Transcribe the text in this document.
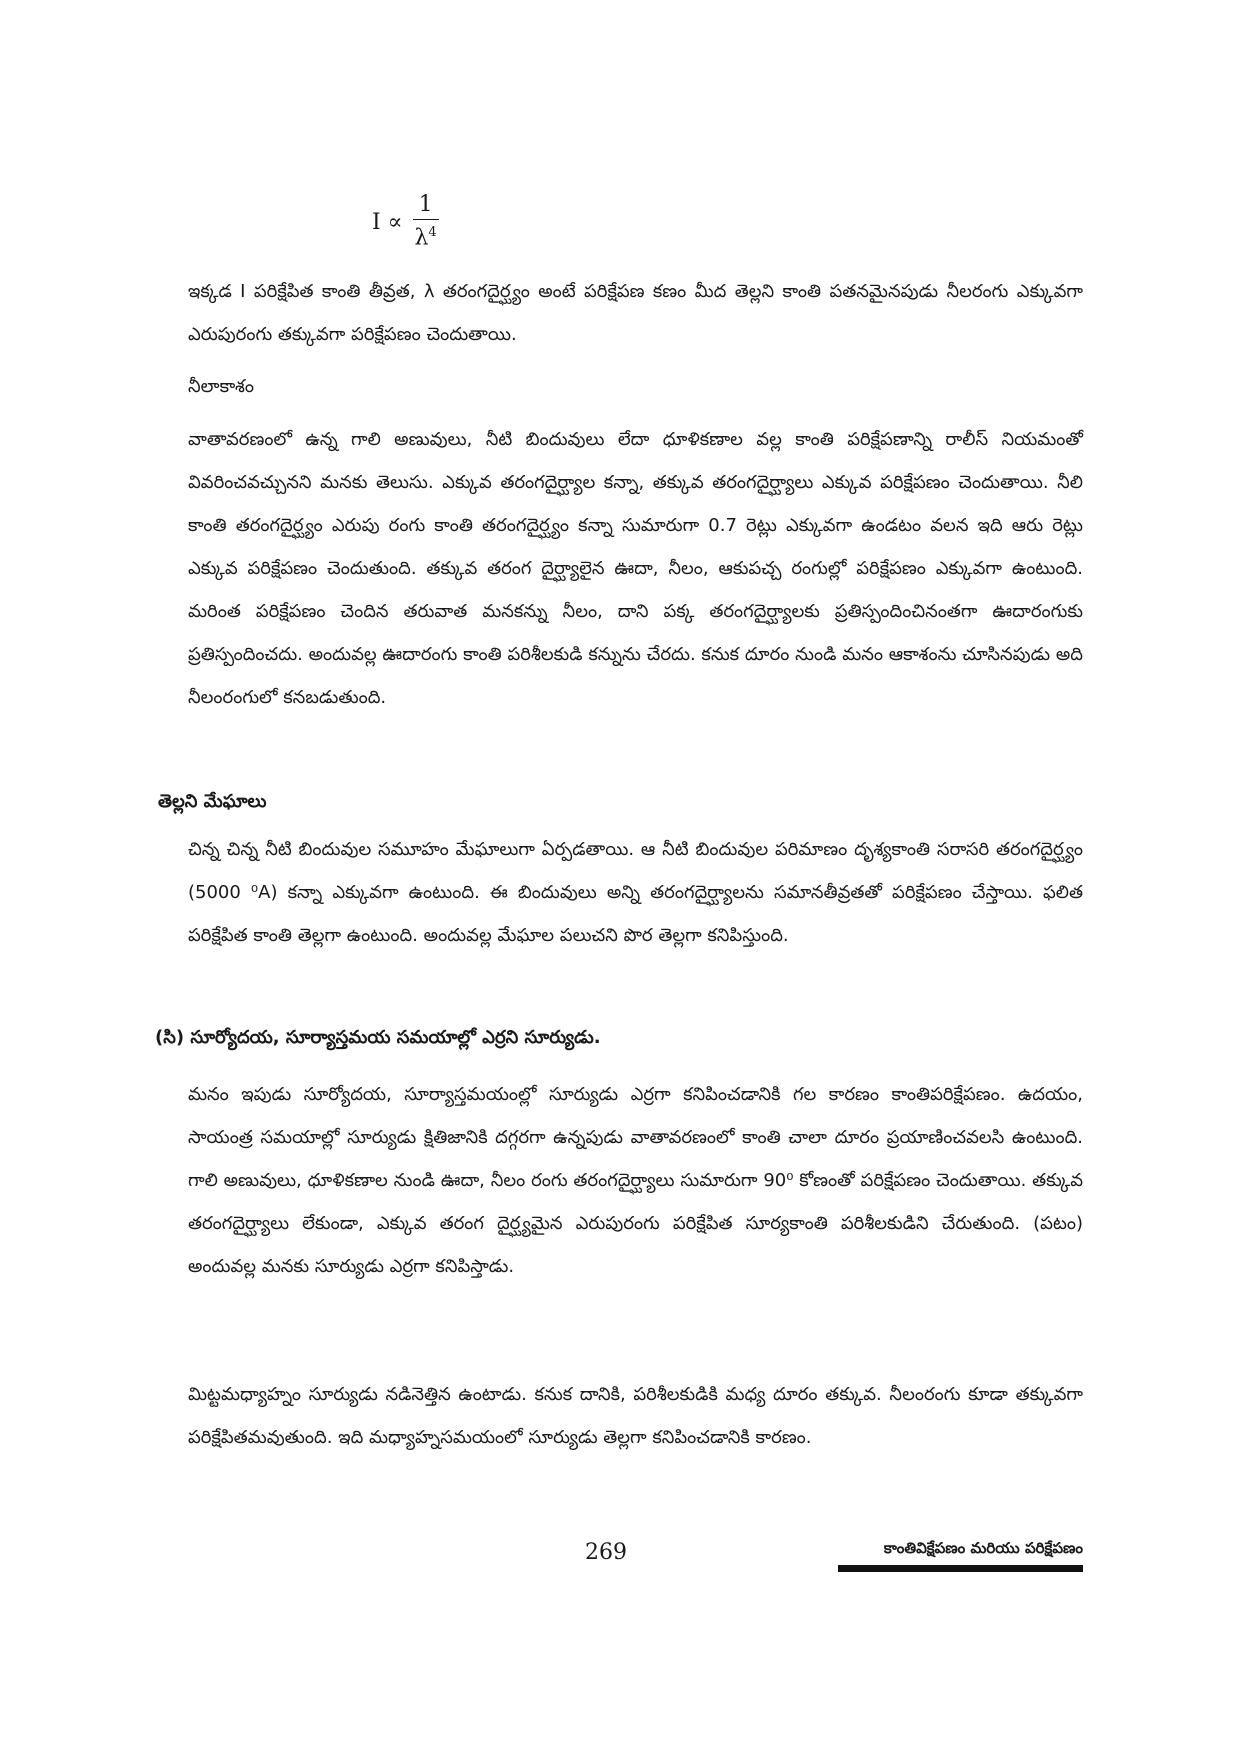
$I \propto \frac{1}{\lambda^4}$

ఇక్కడ I పరిక్షేపిత కాంతి తీవ్రత, λ తరంగదైర్ఘ్యం అంటే పరిక్షేపణ కణం మీద తెల్లని కాంతి పతనమైనపుడు నీలరంగు ఎక్కువగా ఎరుపురంగు తక్కువగా పరిక్షేపణం చెందుతాయి.

నీలాకాశం

వాతావరణంలో ఉన్న గాలి అణువులు, నీటి బిందువులు లేదా ధూళికణాల వల్ల కాంతి పరిక్షేపణాన్ని రాలీస్ నియమంతో వివరించవచ్చునని మనకు తెలుసు. ఎక్కువ తరంగదైర్ఘ్యాల కన్నా, తక్కువ తరంగదైర్ఘ్యాలు ఎక్కువ పరిక్షేపణం చెందుతాయి. నీలి కాంతి తరంగదైర్ఘ్యం ఎరుపు రంగు కాంతి తరంగదైర్ఘ్యం కన్నా సుమారుగా 0.7 రెట్లు ఎక్కువగా ఉండటం వలన ఇది ఆరు రెట్లు ఎక్కువ పరిక్షేపణం చెందుతుంది. తక్కువ తరంగ దైర్ఘ్యాలైన ఊదా, నీలం, ఆకుపచ్చ రంగుల్లో పరిక్షేపణం ఎక్కువగా ఉంటుంది. మరింత పరిక్షేపణం చెందిన తరువాత మనకన్ను నీలం, దాని పక్క తరంగదైర్ఘ్యాలకు ప్రతిస్పందించినంతగా ఊదారంగుకు ప్రతిస్పందించదు. అందువల్ల ఊదారంగు కాంతి పరిశీలకుడి కన్నును చేరదు. కనుక దూరం నుండి మనం ఆకాశంను చూసినపుడు అది నీలంరంగులో కనబడుతుంది.

తెల్లని మేఘాలు

చిన్న చిన్న నీటి బిందువుల సమూహం మేఘాలుగా ఏర్పడతాయి. ఆ నీటి బిందువుల పరిమాణం దృశ్యకాంతి సరాసరి తరంగదైర్ఘ్యం (5000 ⁰A) కన్నా ఎక్కువగా ఉంటుంది. ఈ బిందువులు అన్ని తరంగదైర్ఘ్యాలను సమానతీవ్రతతో పరిక్షేపణం చేస్తాయి. ఫలిత పరిక్షేపిత కాంతి తెల్లగా ఉంటుంది. అందువల్ల మేఘాల పలుచని పొర తెల్లగా కనిపిస్తుంది.

(సి) సూర్యోదయ, సూర్యాస్తమయ సమయాల్లో ఎర్రని సూర్యుడు.

మనం ఇపుడు సూర్యోదయ, సూర్యాస్తమయంల్లో సూర్యుడు ఎర్రగా కనిపించడానికి గల కారణం కాంతిపరిక్షేపణం. ఉదయం, సాయంత్ర సమయాల్లో సూర్యుడు క్షితిజానికి దగ్గరగా ఉన్నపుడు వాతావరణంలో కాంతి చాలా దూరం ప్రయాణించవలసి ఉంటుంది. గాలి అణువులు, ధూళికణాల నుండి ఊదా, నీలం రంగు తరంగదైర్ఘ్యాలు సుమారుగా 90⁰ కోణంతో పరిక్షేపణం చెందుతాయి. తక్కువ తరంగదైర్ఘ్యాలు లేకుండా, ఎక్కువ తరంగ దైర్ఘ్యమైన ఎరుపురంగు పరిక్షేపిత సూర్యకాంతి పరిశీలకుడిని చేరుతుంది. (పటం) అందువల్ల మనకు సూర్యుడు ఎర్రగా కనిపిస్తాడు.

మిట్టమధ్యాహ్నం సూర్యుడు నడినెత్తిన ఉంటాడు. కనుక దానికి, పరిశీలకుడికి మధ్య దూరం తక్కువ. నీలంరంగు కూడా తక్కువగా పరిక్షేపితమవుతుంది. ఇది మధ్యాహ్నసమయంలో సూర్యుడు తెల్లగా కనిపించడానికి కారణం.

269	కాంతివిక్షేపణం మరియు పరిక్షేపణం
